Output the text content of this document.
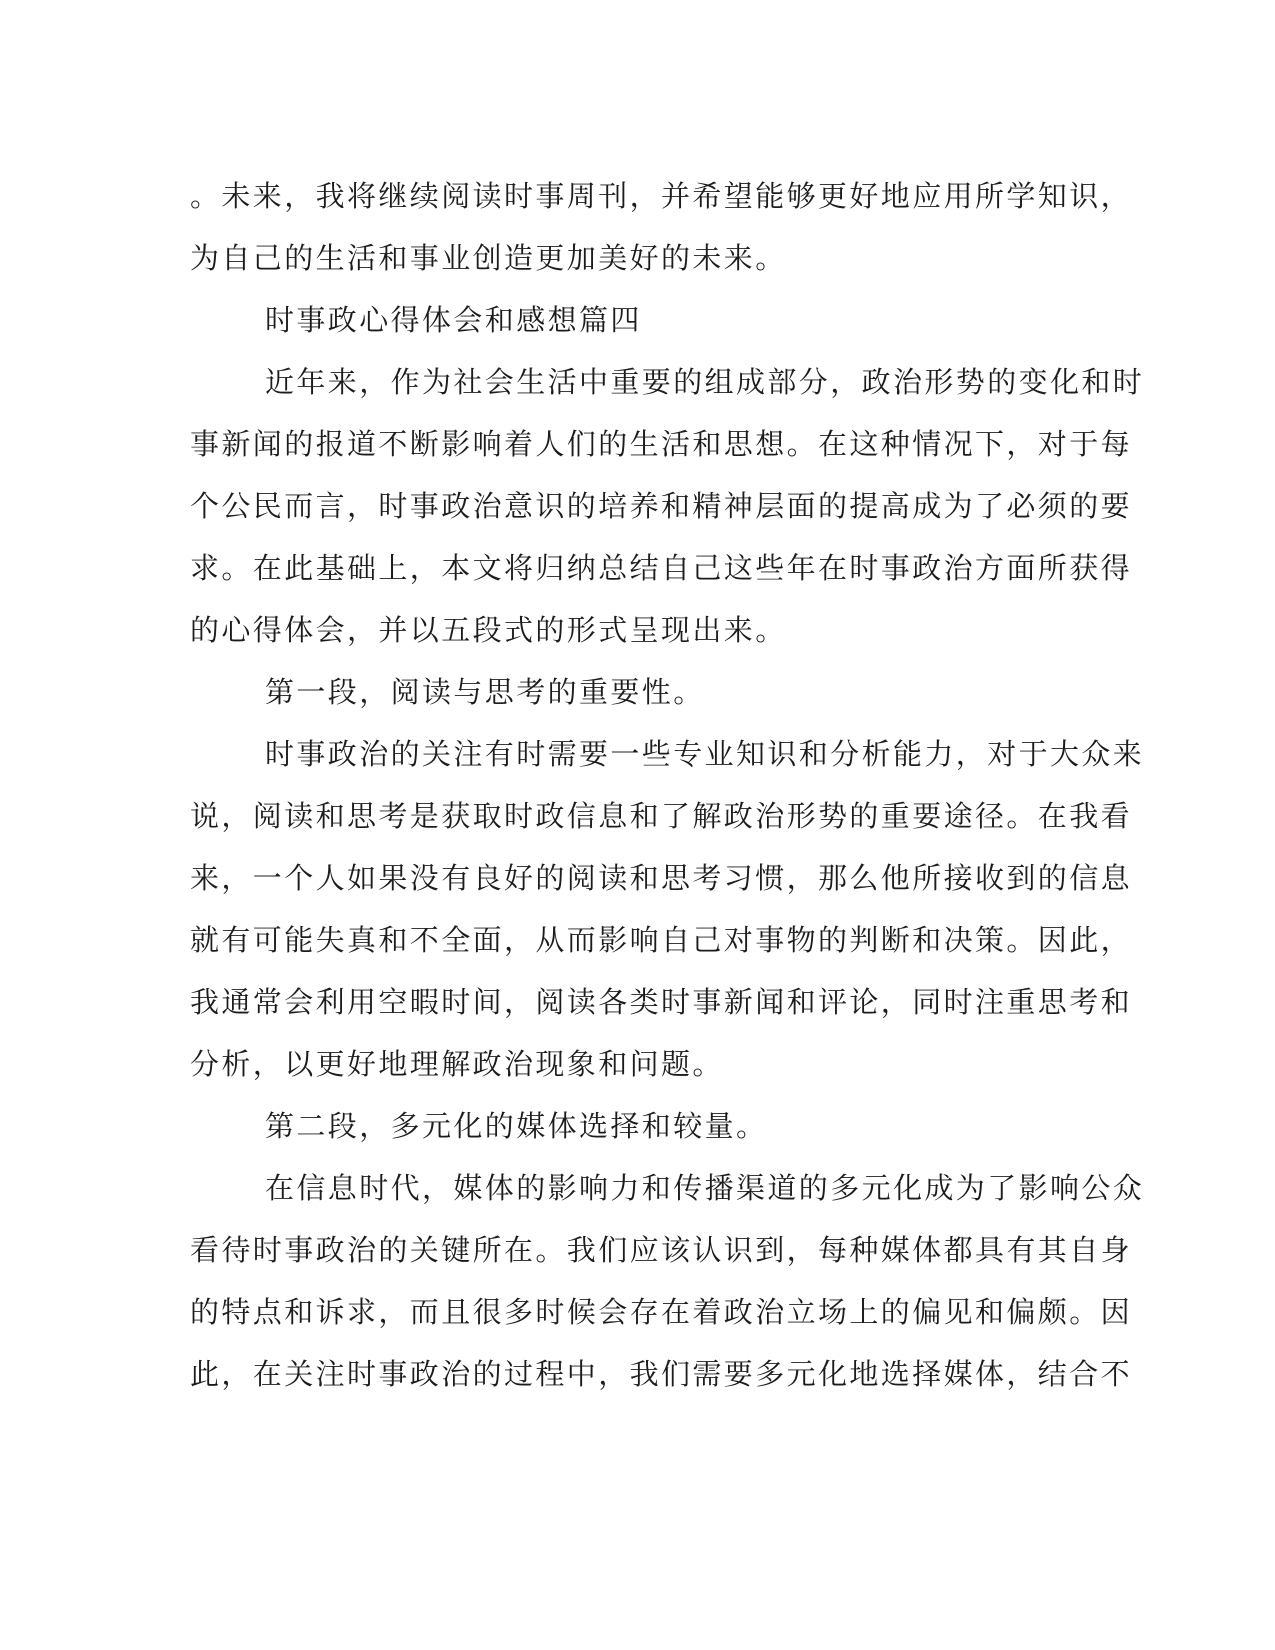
。未来，我将继续阅读时事周刊，并希望能够更好地应用所学知识，
为自己的生活和事业创造更加美好的未来。
时事政心得体会和感想篇四
近年来，作为社会生活中重要的组成部分，政治形势的变化和时
事新闻的报道不断影响着人们的生活和思想。在这种情况下，对于每
个公民而言，时事政治意识的培养和精神层面的提高成为了必须的要
求。在此基础上，本文将归纳总结自己这些年在时事政治方面所获得
的心得体会，并以五段式的形式呈现出来。
第一段，阅读与思考的重要性。
时事政治的关注有时需要一些专业知识和分析能力，对于大众来
说，阅读和思考是获取时政信息和了解政治形势的重要途径。在我看
来，一个人如果没有良好的阅读和思考习惯，那么他所接收到的信息
就有可能失真和不全面，从而影响自己对事物的判断和决策。因此，
我通常会利用空暇时间，阅读各类时事新闻和评论，同时注重思考和
分析，以更好地理解政治现象和问题。
第二段，多元化的媒体选择和较量。
在信息时代，媒体的影响力和传播渠道的多元化成为了影响公众
看待时事政治的关键所在。我们应该认识到，每种媒体都具有其自身
的特点和诉求，而且很多时候会存在着政治立场上的偏见和偏颇。因
此，在关注时事政治的过程中，我们需要多元化地选择媒体，结合不
